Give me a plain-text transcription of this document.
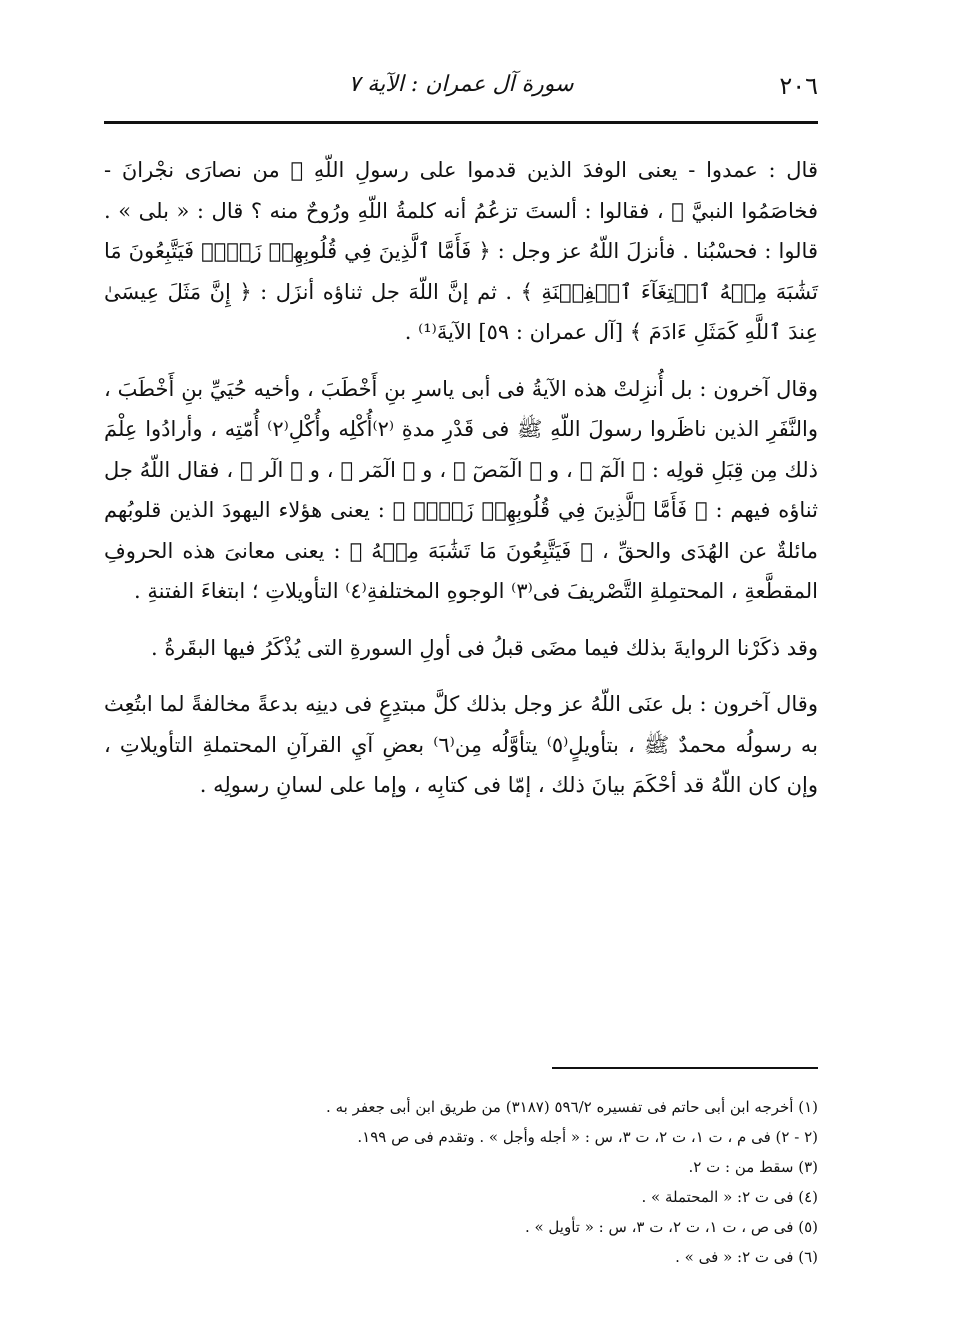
٢٠٦
سورة آل عمران : الآية ٧

قال : عمدوا - يعنى الوفدَ الذين قدموا على رسولِ اللّهِ ﷺ من نصارَى نجْرانَ - فخاصَمُوا النبيَّ ﷺ ، فقالوا : ألستَ تزعُمُ أنه كلمةُ اللّهِ ورُوحٌ منه ؟ قال : « بلى » . قالوا : فحسْبُنا . فأنزلَ اللّهُ عز وجل : ﴿ فَأَمَّا ٱلَّذِينَ فِي قُلُوبِهِمۡ زَيۡغٞ فَيَتَّبِعُونَ مَا تَشَٰبَهَ مِنۡهُ ٱبۡتِغَآءَ ٱلۡفِتۡنَةِ ﴾ . ثم إنَّ اللّهَ جل ثناؤه أنزَل : ﴿ إِنَّ مَثَلَ عِيسَىٰ عِندَ ٱللَّهِ كَمَثَلِ ءَادَمَ ﴾ [آل عمران : ٥٩] الآيةَ⁽¹⁾ .

وقال آخرون : بل أُنزِلتْ هذه الآيةُ فى أبى ياسرِ بنِ أَخْطَبَ ، وأخيه حُيَيِّ بنِ أَخْطَبَ ، والنَّفَرِ الذين ناظَروا رسولَ اللّهِ ﷺ فى قَدْرِ مدةِ ⁽٢⁾أُكْلِه وأُكْلِ⁽٢⁾ أُمّتِه ، وأرادُوا عِلْمَ ذلك مِن قِبَلِ قولِه : ﴿ الٓمٓ ﴾ ، و ﴿ الٓمٓصٓ ﴾ ، و ﴿ الٓمٓر ﴾ ، و ﴿ الٓر ﴾ ، فقال اللّهُ جل ثناؤه فيهم : ﴿ فَأَمَّا ٱلَّذِينَ فِي قُلُوبِهِمۡ زَيۡغٞ ﴾ : يعنى هؤلاء اليهودَ الذين قلوبُهم مائلةٌ عن الهُدَى والحقِّ ، ﴿ فَيَتَّبِعُونَ مَا تَشَٰبَهَ مِنۡهُ ﴾ : يعنى معانىَ هذه الحروفِ المقطَّعةِ ، المحتمِلةِ التَّصْريفَ فى⁽٣⁾ الوجوهِ المختلفةِ⁽٤⁾ التأويلاتِ ؛ ابتغاءَ الفتنةِ .

وقد ذكَرْنا الروايةَ بذلك فيما مضَى قبلُ فى أولِ السورةِ التى يُذْكَرُ فيها البقَرةُ .

وقال آخرون : بل عنَى اللّهُ عز وجل بذلك كلَّ مبتدِعٍ فى دينِه بدعةً مخالفةً لما ابتُعِث به رسولُه محمدٌ ﷺ ، بتأويلٍ⁽٥⁾ يتأوَّلُه مِن⁽٦⁾ بعضِ آيِ القرآنِ المحتملةِ التأويلاتِ ، وإن كان اللّهُ قد أحْكَمَ بيانَ ذلك ، إمّا فى كتابِه ، وإما على لسانِ رسولِه .

(١) أخرجه ابن أبى حاتم فى تفسيره ٥٩٦/٢ (٣١٨٧) من طريق ابن أبى جعفر به .

(٢ - ٢) فى م ، ت ١، ت ٢، ت ٣، س : « أجله وأجل » . وتقدم فى ص ١٩٩.

(٣) سقط من : ت ٢.

(٤) فى ت ٢: « المحتملة » .

(٥) فى ص ، ت ١، ت ٢، ت ٣، س : « تأويل » .

(٦) فى ت ٢: « فى » .
